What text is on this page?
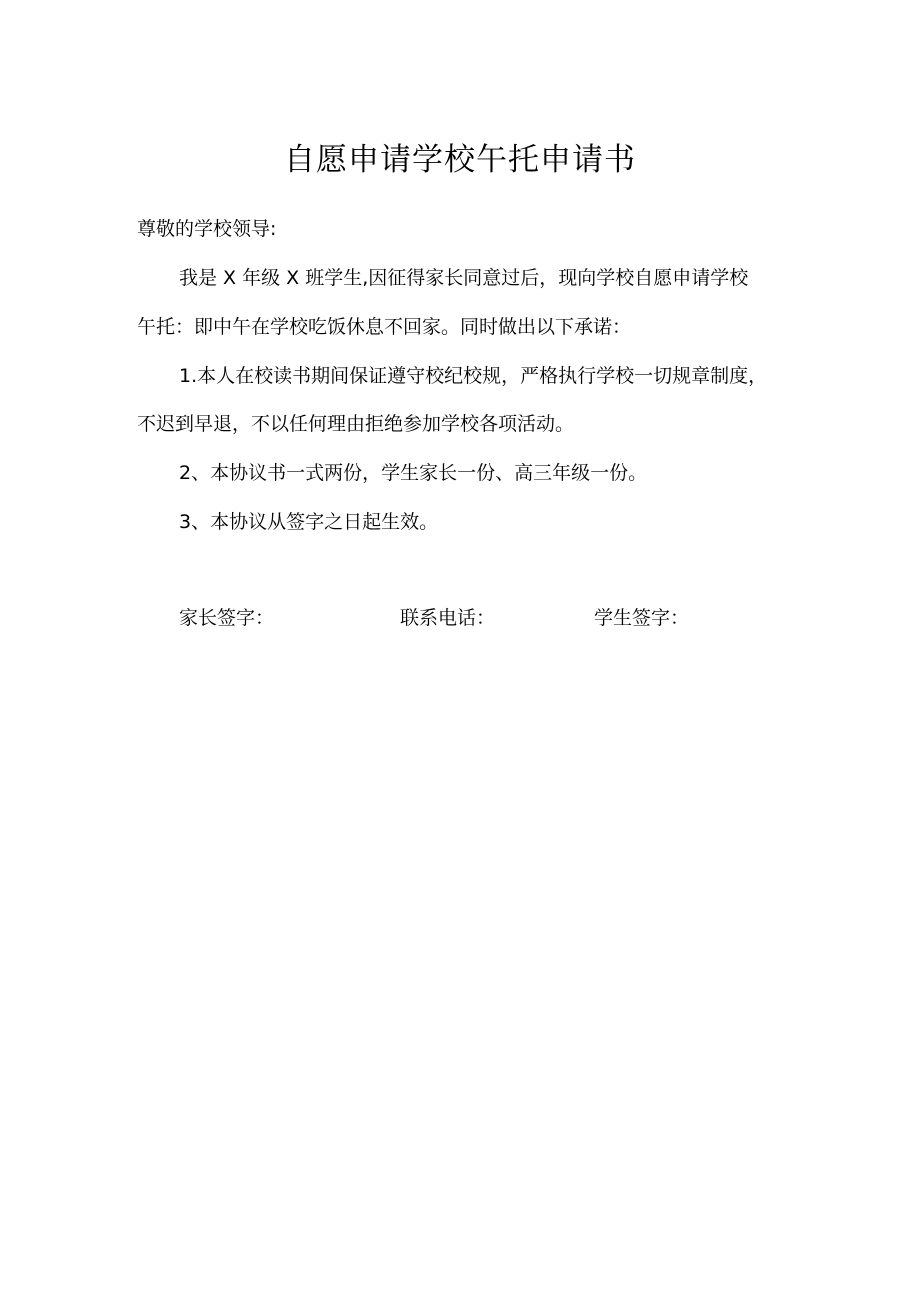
自愿申请学校午托申请书
尊敬的学校领导:
我是 X 年级 X 班学生,因征得家长同意过后，现向学校自愿申请学校
午托：即中午在学校吃饭休息不回家。同时做出以下承诺：
1.本人在校读书期间保证遵守校纪校规，严格执行学校一切规章制度，
不迟到早退，不以任何理由拒绝参加学校各项活动。
2、本协议书一式两份，学生家长一份、高三年级一份。
3、本协议从签字之日起生效。
家长签字：	联系电话：	学生签字：
